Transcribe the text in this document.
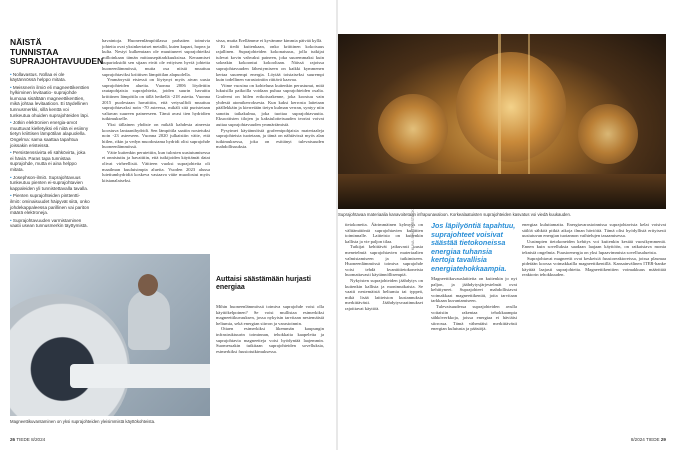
NÄISTÄ TUNNISTAA SUPRAJOHTAVUUDEN
• Nollavastus. Nollaa ei ole käytännössä helppo mitata.
• Meissnerin ilmiö eli magneettikenttien hylkiminen levitaatio- suprajohde kumoaa sisältään magneettikenttien, mikä johtaa levitaatioon. Ei täydellinen tunnusmerkki, sillä kenttä voi tunkeutua ohuiden suprajohteiden läpi.
• Jotkin elektronien energia-arvot muuttuvat kielletyiksi eli niitä ei esiinny tietyn kriittisen lämpötilan alapuolella. Ongelma: sama saattaa tapahtua joissakin eristeissä.
• Persistenssivirta eli sähkövirta, joka ei häviä. Paras tapa tunnistaa suprajohde, mutta ei aina helppo mitata.
• Josephson-ilmiö. Suprajohtavuus tunkeutuu pienten ei-suprajohtavien kappaleiden yli tunnistettavalla tavalla.
• Pienten suprajohteiden pinttentti-ilmiö: ominaisuudet häipyvät siitä, onko johdekappaleessa parillinen vai pariton määrä elektroneja.
• Suprajohtavuuden varmistaminen vaatii usean tunnusmerkin täyttymistä.

havaintoja. Huoneenlämpötilassa parhaiten toimivia johteita ovat yksinkertaiset metallit, kuten kupari, hopea ja kulta. Nestyt kulkemiaan ole muuttuneet suprajohteiksi milloinkaan tämän mittausepätarkkuuksissa. Keraamiset kuparioksidit sen sijaan eivät ole erityisen hyviä johteita huoneenlämmössä, mutta osa niistä muuttuu suprajohtaviksi kriittisen lämpötilan alapuolella.

Ymmärrystä etsiessä on löytynyt myös aivan uusia suprajohteiden alueita. Vuonna 2006 löydettiin rautapohjaisia suprajohteita, joiden suurin havaittu kriittinen lämpötila on tällä hetkellä -218 astetta. Vuonna 2015 puolestaan havaittiin, että vetysulfidi muuttuu suprajohtavaksi noin -70 asteessa, mikäli sitä puristetaan valtavan suureen paineeseen. Tämä avasi tien hydridien tutkimukselle.

Yksi tällainen yhdiste on mikäli kahdesta aineesta koostuva lantaanihydridi. Sen lämpötila saatiin nostetuksi noin -23 asteeseen. Vuonna 2020 julkaistiin väite, että hiilen, rikin ja vedyn muodostama hydridi olisi suprajohde huoneenlämmössä.

Väite kuitenkin perutettiin, kun tulosten uusiutumisessa ei onnistuttu ja havaittiin, että tutkijoiden käyttämät datat olivat virheellisiä. Väitteen vuoksi suprajohteita oli maailman kuuluisimpia alueita. Vuoden 2023 alussa lutetiumhydridiä koskeva vastaava väite muodostui myös kiistanalaiseksi.

sissa, mutta Erellämme ei kyvämme kimmia päivää kyllä.

Ei tiedä kuitenkaan, onko kriittinen kokoisuus rajallinen. Suprajohteiden kokonaisuus, jolla tutkijat tulevat kovin vahvaksi paineen, joka suuremmaksi kuin sokeakin kokoontui kokooltaan. Näissä rajoissa suprajohtavuuden lähestymiseen on kaikki kymmenen kertaa suurempi energia. Löytää toistaiseksi suurempi kuin todellinen varastointiin riittävä kaavaa.

Viime vuosina on kohteluna kuitenkin perustunut, mitä lukuisilla paikoilla voidaan puhua suprajohteiden osalta. Grafeeni on hiilen erikoisrakenne, joka koostuu vain yhdestä atomikerroksesta. Kun kaksi kerrosta laitetaan päällekkäin ja kierretään tietyn kulman verran, syntyy niin sanottu taikakulma, joka tuottaa suprajohtavuutta. Eksoottisten tilojen ja kaksiulotteisuuden teoriat voivat auttaa suprajohtavuuden ymmärtämistä.

Pysyimet käytännöistä grafeenipohjaisia materiaaleja suprajohteista tuotetaan, ja tämä on nähtävissä myös alan tutkimuksessa, joka on esittänyt tulevaisuuden mahdollisuuksia.

Auttaisi säästämään hurjasti energiaa

Mihin huoneenlämmössä toimiva suprajohde voisi olla käyttökelpoinen? Se voisi mullistaa esimerkiksi magneettikuvauksen, jossa nykyisin tarvitaan nestemäistä heliumia, sekä energian siirron ja varastoinnin.

Ottaen esimerkiksi likemmän kaupungin infrastruktuurin toiminnan, tehokkaita kaapeleita ja suprajohtavia magneetteja voisi hyödyntää laajemmin. Suomessakin tutkitaan suprajohteiden sovelluksia, esimerkiksi fuusiotutkimuksessa.

Magneettikuvantaminen on yksi suprajohteiden yleisimmistä käyttökohteista.
Suprajohtavaa materiaalia kanavoitetaan infrapunavaloon. Korkealaatuisten suprajohteiden kasvatus voi viedä kuukauden.

tietokoneita. Äärimmäinen kylmyys on välttämätöntä suprajohtavien kubittien toiminnalle. Laitteisto on kuitenkin kallista ja vie paljon tilaa.

Tutkijat kehittävät jatkuvasti uusia menetelmiä suprajohtavien materiaalien valmistamiseen ja tutkimiseen. Huoneenlämmössä toimiva suprajohde voisi tehdä kvanttitietokoneista huomattavasti käytännöllisempiä.

Nykyisten suprajohteiden jäähdytys on kuitenkin kallista ja monimutkaista. Se vaatii nestemäistä heliumia tai typpeä, mikä lisää laitteiston kustannuksia merkittävästi. Jäähdytysvaatimukset rajoittavat käyttöä.

KUVA: SHUTTERSTOCK Jos läpilyöntiä tapahtuu, suprajohteet voisivat säästää tietokoneissa energiaa tuhansia kertoja tavallisia energiatehokkaampia.

Magneettikuvauslaitteita on kuitenkin jo nyt paljon, ja jäähdytysjärjestelmät ovat kehittyneet. Suprajohteet mahdollistavat voimakkaat magneettikentät, joita tarvitaan tarkkaan kuvantamiseen.

Tulevaisuudessa suprajohteiden avulla voitaisiin rakentaa tehokkaampia sähköverkkoja, joissa energiaa ei häviäisi siirrossa. Tämä vähentäisi merkittävästi energian kulutusta ja päästöjä.

energiaa kuluttamatta. Energiavarastoinnissa suprajohtavista kelat voisivat säilöä sähköä pitkiä aikoja ilman häviöitä. Tämä olisi hyödyllistä erityisesti uusiutuvan energian tuotannon vaihtelujen tasaamisessa.

Uusimpien tietokoneiden kehitys voi kuitenkin kestää vuosikymmeniä. Ennen kuin sovelluksia saadaan laajaan käyttöön, on ratkaistava monia teknisiä ongelmia. Fuusioenergia on yksi lupaavimmista sovellusalueista.

Suprajohtavat magneetit ovat keskeisiä fuusioreaktoreissa, joissa plasmaa pidetään koossa voimakkailla magneettikentillä. Kansainvälinen ITER-hanke käyttää laajasti suprajohteita. Magneettikenttien voimakkuus määrittää reaktorin tehokkuuden.

26 TIEDE 8/2024	8/2024 TIEDE 29
